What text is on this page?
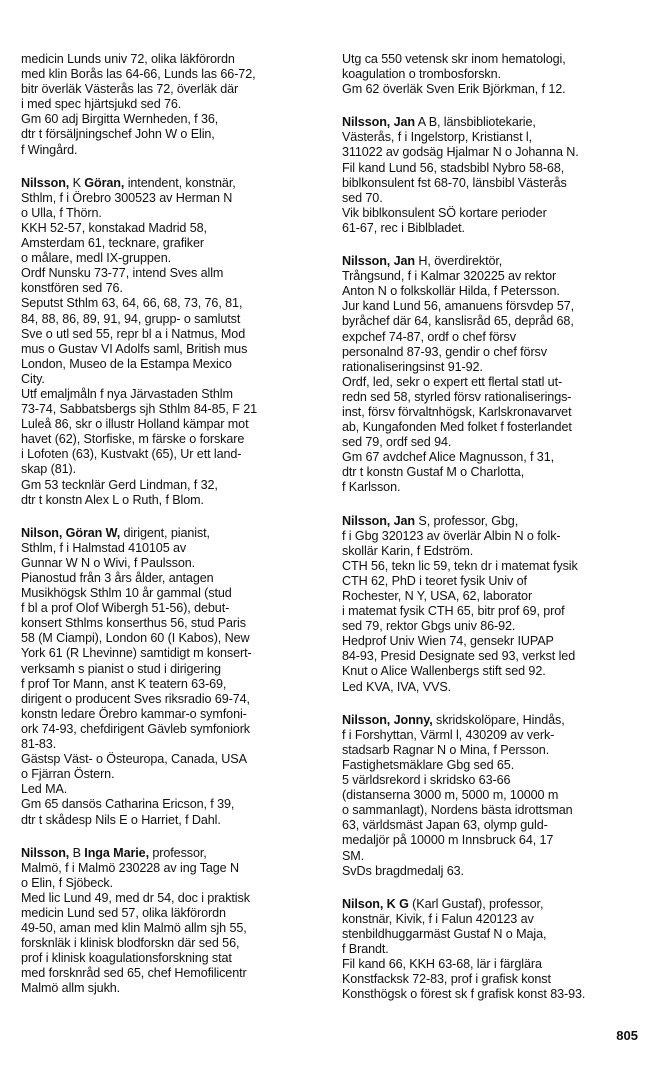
medicin Lunds univ 72, olika läkförordn
med klin Borås las 64-66, Lunds las 66-72,
bitr överläk Västerås las 72, överläk där
i med spec hjärtsjukd sed 76.
Gm 60 adj Birgitta Wernheden, f 36,
dtr t försäljningschef John W o Elin,
f Wingård.
Nilsson, K Göran, intendent, konstnär,
Sthlm, f i Örebro 300523 av Herman N
o Ulla, f Thörn.
KKH 52-57, konstakad Madrid 58,
Amsterdam 61, tecknare, grafiker
o målare, medl IX-gruppen.
Ordf Nunsku 73-77, intend Sves allm
konstfören sed 76.
Seputst Sthlm 63, 64, 66, 68, 73, 76, 81,
84, 88, 86, 89, 91, 94, grupp- o samlutst
Sve o utl sed 55, repr bl a i Natmus, Mod
mus o Gustav VI Adolfs saml, British mus
London, Museo de la Estampa Mexico
City.
Utf emaljmåln f nya Järvastaden Sthlm
73-74, Sabbatsbergs sjh Sthlm 84-85, F 21
Luleå 86, skr o illustr Holland kämpar mot
havet (62), Storfiske, m färske o forskare
i Lofoten (63), Kustvakt (65), Ur ett land-
skap (81).
Gm 53 tecknlär Gerd Lindman, f 32,
dtr t konstn Alex L o Ruth, f Blom.
Nilson, Göran W, dirigent, pianist,
Sthlm, f i Halmstad 410105 av
Gunnar W N o Wivi, f Paulsson.
Pianostud från 3 års ålder, antagen
Musikhögsk Sthlm 10 år gammal (stud
f bl a prof Olof Wibergh 51-56), debut-
konsert Sthlms konserthus 56, stud Paris
58 (M Ciampi), London 60 (I Kabos), New
York 61 (R Lhevinne) samtidigt m konsert-
verksamh s pianist o stud i dirigering
f prof Tor Mann, anst K teatern 63-69,
dirigent o producent Sves riksradio 69-74,
konstn ledare Örebro kammar-o symfoni-
ork 74-93, chefdirigent Gävleb symfoniork
81-83.
Gästsp Väst- o Östeuropa, Canada, USA
o Fjärran Östern.
Led MA.
Gm 65 dansös Catharina Ericson, f 39,
dtr t skådesp Nils E o Harriet, f Dahl.
Nilsson, B Inga Marie, professor,
Malmö, f i Malmö 230228 av ing Tage N
o Elin, f Sjöbeck.
Med lic Lund 49, med dr 54, doc i praktisk
medicin Lund sed 57, olika läkförordn
49-50, aman med klin Malmö allm sjh 55,
forsknläk i klinisk blodforskn där sed 56,
prof i klinisk koagulationsforskning stat
med forsknråd sed 65, chef Hemofilicentr
Malmö allm sjukh.
Utg ca 550 vetensk skr inom hematologi,
koagulation o trombosforskn.
Gm 62 överläk Sven Erik Björkman, f 12.
Nilsson, Jan A B, länsbibliotekarie,
Västerås, f i Ingelstorp, Kristianst l,
311022 av godsäg Hjalmar N o Johanna N.
Fil kand Lund 56, stadsbibl Nybro 58-68,
biblkonsulent fst 68-70, länsbibl Västerås
sed 70.
Vik biblkonsulent SÖ kortare perioder
61-67, rec i Biblbladet.
Nilsson, Jan H, överdirektör,
Trångsund, f i Kalmar 320225 av rektor
Anton N o folkskollär Hilda, f Petersson.
Jur kand Lund 56, amanuens försvdep 57,
byråchef där 64, kanslisråd 65, depråd 68,
expchef 74-87, ordf o chef försv
personalnd 87-93, gendir o chef försv
rationaliseringsinst 91-92.
Ordf, led, sekr o expert ett flertal statl ut-
redn sed 58, styrled försv rationaliserings-
inst, försv förvaltnhögsk, Karlskronavarvet
ab, Kungafonden Med folket f fosterlandet
sed 79, ordf sed 94.
Gm 67 avdchef Alice Magnusson, f 31,
dtr t konstn Gustaf M o Charlotta,
f Karlsson.
Nilsson, Jan S, professor, Gbg,
f i Gbg 320123 av överlär Albin N o folk-
skollär Karin, f Edström.
CTH 56, tekn lic 59, tekn dr i matemat fysik
CTH 62, PhD i teoret fysik Univ of
Rochester, N Y, USA, 62, laborator
i matemat fysik CTH 65, bitr prof 69, prof
sed 79, rektor Gbgs univ 86-92.
Hedprof Univ Wien 74, gensekr IUPAP
84-93, Presid Designate sed 93, verkst led
Knut o Alice Wallenbergs stift sed 92.
Led KVA, IVA, VVS.
Nilsson, Jonny, skridskolöpare, Hindås,
f i Forshyttan, Värml l, 430209 av verk-
stadsarb Ragnar N o Mina, f Persson.
Fastighetsmäklare Gbg sed 65.
5 världsrekord i skridsko 63-66
(distanserna 3000 m, 5000 m, 10000 m
o sammanlagt), Nordens bästa idrottsman
63, världsmäst Japan 63, olymp guld-
medaljör på 10000 m Innsbruck 64, 17
SM.
SvDs bragdmedalj 63.
Nilson, K G (Karl Gustaf), professor,
konstnär, Kivik, f i Falun 420123 av
stenbildhuggarmäst Gustaf N o Maja,
f Brandt.
Fil kand 66, KKH 63-68, lär i färglära
Konstfacksk 72-83, prof i grafisk konst
Konsthögsk o förest sk f grafisk konst 83-93.
805
